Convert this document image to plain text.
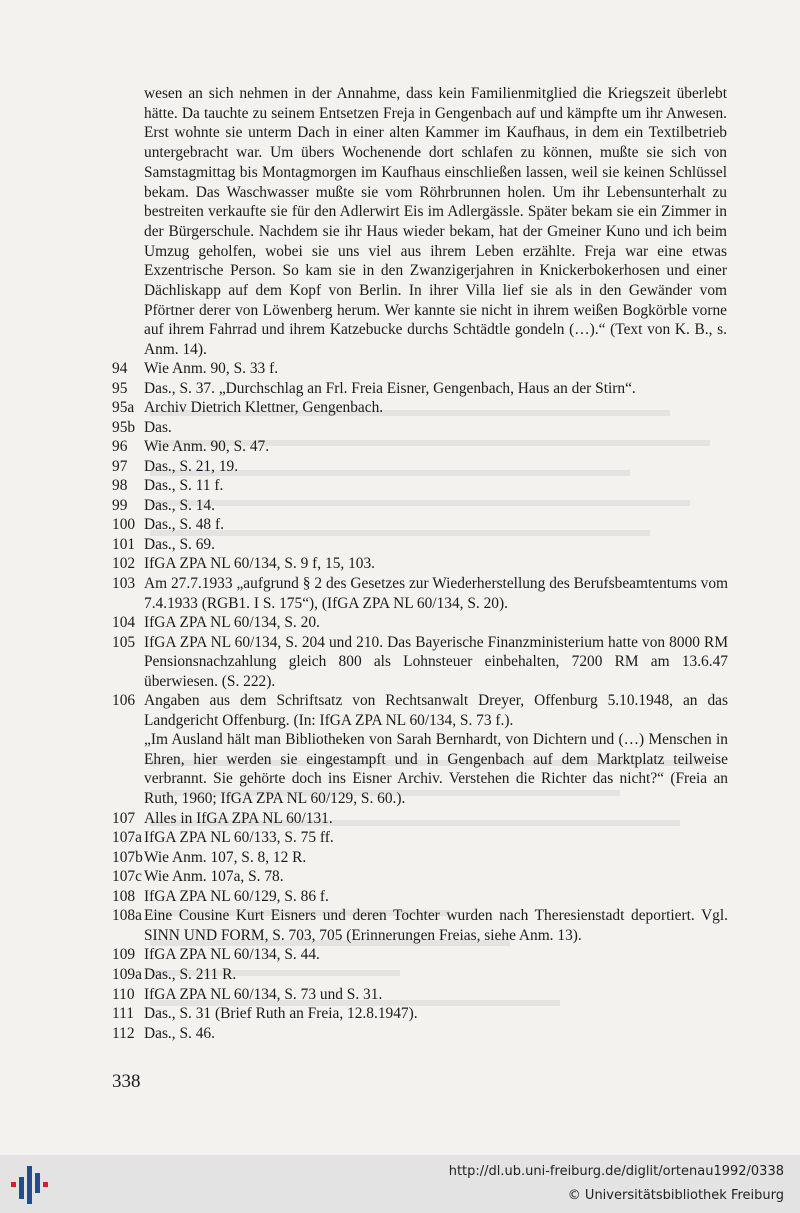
wesen an sich nehmen in der Annahme, dass kein Familienmitglied die Kriegszeit überlebt hätte. Da tauchte zu seinem Entsetzen Freja in Gengenbach auf und kämpfte um ihr Anwesen. Erst wohnte sie unterm Dach in einer alten Kammer im Kaufhaus, in dem ein Textilbetrieb untergebracht war. Um übers Wochenende dort schlafen zu können, mußte sie sich von Samstagmittag bis Montagmorgen im Kaufhaus einschließen lassen, weil sie keinen Schlüssel bekam. Das Waschwasser mußte sie vom Röhrbrunnen holen. Um ihr Lebensunterhalt zu bestreiten verkaufte sie für den Adlerwirt Eis im Adlergässle. Später bekam sie ein Zimmer in der Bürgerschule. Nachdem sie ihr Haus wieder bekam, hat der Gmeiner Kuno und ich beim Umzug geholfen, wobei sie uns viel aus ihrem Leben erzählte. Freja war eine etwas Exzentrische Person. So kam sie in den Zwanzigerjahren in Knickerbokerhosen und einer Dächliskapp auf dem Kopf von Berlin. In ihrer Villa lief sie als in den Gewänder vom Pförtner derer von Löwenberg herum. Wer kannte sie nicht in ihrem weißen Bogkörble vorne auf ihrem Fahrrad und ihrem Katzebucke durchs Schtädtle gondeln (…).“ (Text von K. B., s. Anm. 14).

94	Wie Anm. 90, S. 33 f.

95	Das., S. 37. „Durchschlag an Frl. Freia Eisner, Gengenbach, Haus an der Stirn“.

95a Archiv Dietrich Klettner, Gengenbach.

95b Das.

96	Wie Anm. 90, S. 47.

97	Das., S. 21, 19.

98	Das., S. 11 f.

99	Das., S. 14.

100 Das., S. 48 f.

101 Das., S. 69.

102 IfGA ZPA NL 60/134, S. 9 f, 15, 103.

103 Am 27.7.1933 „aufgrund § 2 des Gesetzes zur Wiederherstellung des Berufsbeamtentums vom 7.4.1933 (RGB1. I S. 175“), (IfGA ZPA NL 60/134, S. 20).

104 IfGA ZPA NL 60/134, S. 20.

105 IfGA ZPA NL 60/134, S. 204 und 210. Das Bayerische Finanzministerium hatte von 8000 RM Pensionsnachzahlung gleich 800 als Lohnsteuer einbehalten, 7200 RM am 13.6.47 überwiesen. (S. 222).

106 Angaben aus dem Schriftsatz von Rechtsanwalt Dreyer, Offenburg 5.10.1948, an das Landgericht Offenburg. (In: IfGA ZPA NL 60/134, S. 73 f.).

„Im Ausland hält man Bibliotheken von Sarah Bernhardt, von Dichtern und (…) Menschen in Ehren, hier werden sie eingestampft und in Gengenbach auf dem Marktplatz teilweise verbrannt. Sie gehörte doch ins Eisner Archiv. Verstehen die Richter das nicht?“ (Freia an Ruth, 1960; IfGA ZPA NL 60/129, S. 60.).

107 Alles in IfGA ZPA NL 60/131.

107a IfGA ZPA NL 60/133, S. 75 ff.

107b Wie Anm. 107, S. 8, 12 R.

107c Wie Anm. 107a, S. 78.

108 IfGA ZPA NL 60/129, S. 86 f.

108a Eine Cousine Kurt Eisners und deren Tochter wurden nach Theresienstadt deportiert. Vgl. SINN UND FORM, S. 703, 705 (Erinnerungen Freias, siehe Anm. 13).

109 IfGA ZPA NL 60/134, S. 44.

109a Das., S. 211 R.

110 IfGA ZPA NL 60/134, S. 73 und S. 31.

111 Das., S. 31 (Brief Ruth an Freia, 12.8.1947).

112 Das., S. 46.

338
http://dl.ub.uni-freiburg.de/diglit/ortenau1992/0338
© Universitätsbibliothek Freiburg
